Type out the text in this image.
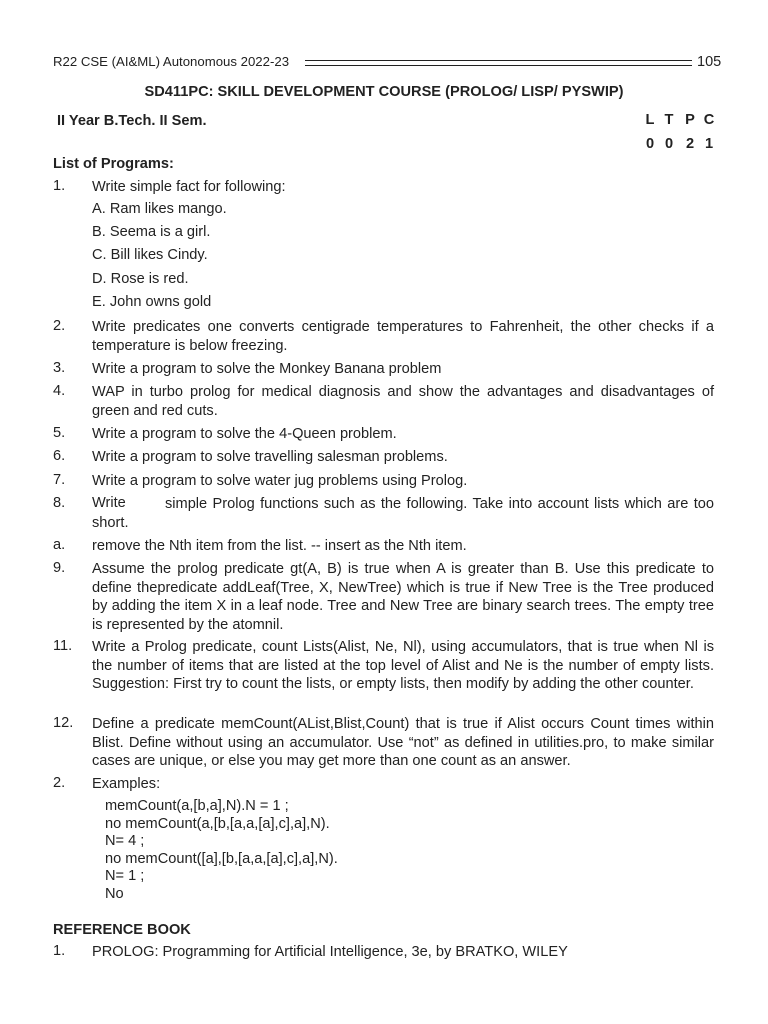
R22 CSE (AI&ML) Autonomous 2022-23	105
SD411PC: SKILL DEVELOPMENT COURSE (PROLOG/ LISP/ PYSWIP)
II Year B.Tech. II Sem.	L T P C
0 0 2 1
List of Programs:
1. Write simple fact for following:
A. Ram likes mango.
B. Seema is a girl.
C. Bill likes Cindy.
D. Rose is red.
E. John owns gold
2. Write predicates one converts centigrade temperatures to Fahrenheit, the other checks if a temperature is below freezing.
3. Write a program to solve the Monkey Banana problem
4. WAP in turbo prolog for medical diagnosis and show the advantages and disadvantages of green and red cuts.
5. Write a program to solve the 4-Queen problem.
6. Write a program to solve travelling salesman problems.
7. Write a program to solve water jug problems using Prolog.
8. Write	simple Prolog functions such as the following. Take into account lists which are too short.
a. remove the Nth item from the list. -- insert as the Nth item.
9. Assume the prolog predicate gt(A, B) is true when A is greater than B. Use this predicate to define thepredicate addLeaf(Tree, X, NewTree) which is true if New Tree is the Tree produced by adding the item X in a leaf node. Tree and New Tree are binary search trees. The empty tree is represented by the atomnil.
11. Write a Prolog predicate, count Lists(Alist, Ne, Nl), using accumulators, that is true when Nl is the number of items that are listed at the top level of Alist and Ne is the number of empty lists. Suggestion: First try to count the lists, or empty lists, then modify by adding the other counter.
12. Define a predicate memCount(AList,Blist,Count) that is true if Alist occurs Count times within Blist. Define without using an accumulator. Use “not” as defined in utilities.pro, to make similar cases are unique, or else you may get more than one count as an answer.
2. Examples:
memCount(a,[b,a],N).N = 1 ;
no memCount(a,[b,[a,a,[a],c],a],N).
N= 4 ;
no memCount([a],[b,[a,a,[a],c],a],N).
N= 1 ;
No
REFERENCE BOOK
1. PROLOG: Programming for Artificial Intelligence, 3e, by BRATKO, WILEY
